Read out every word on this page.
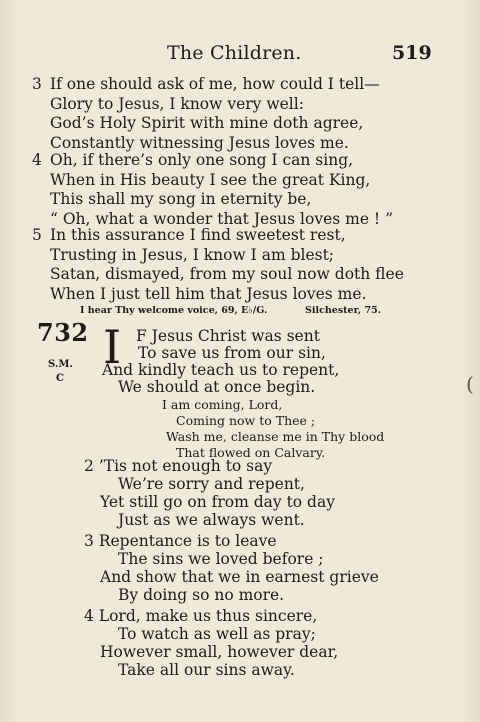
The Children.	519
3 If one should ask of me, how could I tell—
Glory to Jesus, I know very well:
God’s Holy Spirit with mine doth agree,
Constantly witnessing Jesus loves me.
4 Oh, if there’s only one song I can sing,
When in His beauty I see the great King,
This shall my song in eternity be,
“ Oh, what a wonder that Jesus loves me ! ”
5 In this assurance I find sweetest rest,
Trusting in Jesus, I know I am blest;
Satan, dismayed, from my soul now doth flee
When I just tell him that Jesus loves me.
I hear Thy welcome voice, 69, E♭/G.	Silchester, 75.
732
S.M.
C
I F Jesus Christ was sent
To save us from our sin,
And kindly teach us to repent,
We should at once begin.
I am coming, Lord,
Coming now to Thee ;
Wash me, cleanse me in Thy blood
That flowed on Calvary.
2 ’Tis not enough to say
We’re sorry and repent,
Yet still go on from day to day
Just as we always went.
3 Repentance is to leave
The sins we loved before ;
And show that we in earnest grieve
By doing so no more.
4 Lord, make us thus sincere,
To watch as well as pray;
However small, however dear,
Take all our sins away.
(
